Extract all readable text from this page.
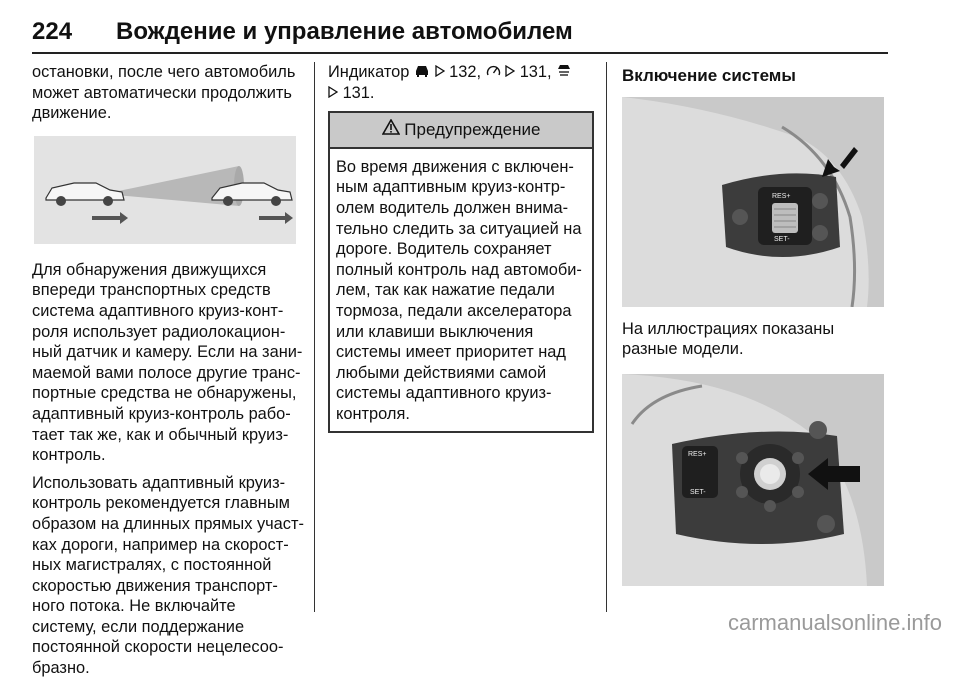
224 Вождение и управление автомобилем

остановки, после чего автомобиль может автоматически продолжить движение.

Для обнаружения движущихся впереди транспортных средств система адаптивного круиз-конт-роля использует радиолокацион-ный датчик и камеру. Если на зани-маемой вами полосе другие транс-портные средства не обнаружены, адаптивный круиз-контроль рабо-тает так же, как и обычный круиз-контроль.

Использовать адаптивный круиз-контроль рекомендуется главным образом на длинных прямых участ-ках дороги, например на скорост-ных магистралях, с постоянной скоростью движения транспорт-ного потока. Не включайте систему, если поддержание постоянной скорости нецелесоо-бразно.

Индикатор 132, 131,
131.

Предупреждение
Во время движения с включен-ным адаптивным круиз-контр-олем водитель должен внима-тельно следить за ситуацией на дороге. Водитель сохраняет полный контроль над автомоби-лем, так как нажатие педали тормоза, педали акселератора или клавиши выключения системы имеет приоритет над любыми действиями самой системы адаптивного круиз-контроля.
Включение системы
RES+
SET-

На иллюстрациях показаны разные модели.

RES+
SET-
carmanualsonline.info
